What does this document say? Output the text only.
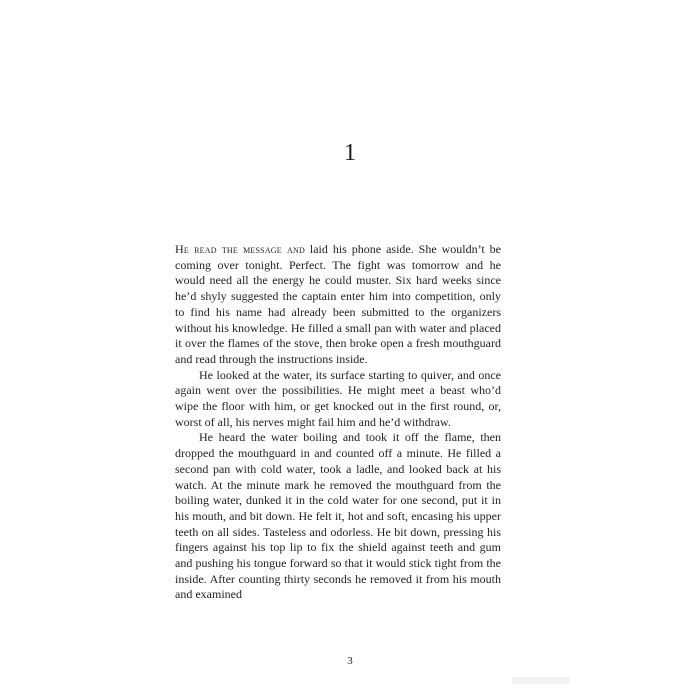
1

He read the message and laid his phone aside. She wouldn’t be coming over tonight. Perfect. The fight was tomorrow and he would need all the energy he could muster. Six hard weeks since he’d shyly suggested the captain enter him into competition, only to find his name had already been submitted to the organizers without his knowledge. He filled a small pan with water and placed it over the flames of the stove, then broke open a fresh mouthguard and read through the instructions inside.

He looked at the water, its surface starting to quiver, and once again went over the possibilities. He might meet a beast who’d wipe the floor with him, or get knocked out in the first round, or, worst of all, his nerves might fail him and he’d withdraw.

He heard the water boiling and took it off the flame, then dropped the mouthguard in and counted off a minute. He filled a second pan with cold water, took a ladle, and looked back at his watch. At the minute mark he removed the mouthguard from the boiling water, dunked it in the cold water for one second, put it in his mouth, and bit down. He felt it, hot and soft, encasing his upper teeth on all sides. Tasteless and odorless. He bit down, pressing his fingers against his top lip to fix the shield against teeth and gum and pushing his tongue forward so that it would stick tight from the inside. After counting thirty seconds he removed it from his mouth and examined

3
